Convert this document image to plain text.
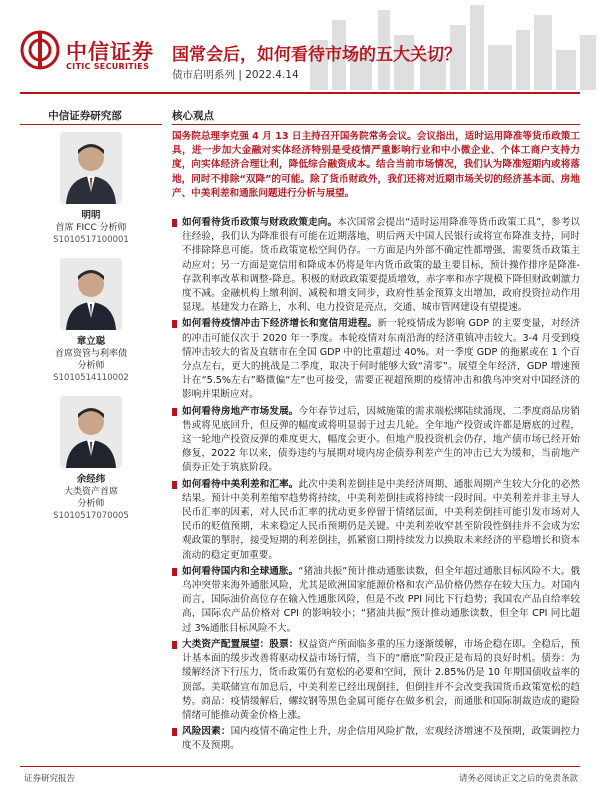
中信证券
CITIC SECURITIES
国常会后，如何看待市场的五大关切？
债市启明系列 | 2022.4.14
中信证券研究部
明明
首席 FICC 分析师
S1010517100001
章立聪
首席资管与利率债
分析师
S1010514110002
余经纬
大类资产首席
分析师
S1010517070005
核心观点
国务院总理李克强 4 月 13 日主持召开国务院常务会议。会议指出，适时运用降准等货币政策工具，进一步加大金融对实体经济特别是受疫情严重影响行业和中小微企业、个体工商户支持力度，向实体经济合理让利，降低综合融资成本。结合当前市场情况，我们认为降准短期内或将落地，同时不排除“双降”的可能。除了货币财政外，我们还将对近期市场关切的经济基本面、房地产、中美利差和通胀问题进行分析与展望。
如何看待货币政策与财政政策走向。本次国常会提出“适时运用降准等货币政策工具”，参考以往经验，我们认为降准很有可能在近期落地，明后两天中国人民银行或将宣布降准支持，同时不排除降息可能。货币政策宽松空间仍存。一方面是内外部不确定性都增强，需要货币政策主动应对；另一方面是宽信用和降成本仍将是年内货币政策的最主要目标，预计操作排序是降准-存款利率改革和调整-降息。积极的财政政策要提质增效，赤字率和赤字规模下降但财政刺激力度不减。金融机构上缴利润、减税和增支同步，政府性基金预算支出增加，政府投资拉动作用显现。基建发力在路上，水利、电力投资是亮点，交通、城市管网建设有望提速。
如何看待疫情冲击下经济增长和宽信用进程。新一轮疫情成为影响 GDP 的主要变量，对经济的冲击可能仅次于 2020 年一季度。本轮疫情对东南沿海的经济重镇冲击较大。3-4 月受到疫情冲击较大的省及直辖市在全国 GDP 中的比重超过 40%。对一季度 GDP 的拖累或在 1 个百分点左右，更大的挑战是二季度，取决于何时能够大致“清零”。展望全年经济，GDP 增速预计在“5.5%左右”略微偏“左”也可接受，需要正视超预期的疫情冲击和俄乌冲突对中国经济的影响并果断应对。
如何看待房地产市场发展。今年春节过后，因城施策的需求端松绑陆续涌现，二季度商品房销售或将见底回升，但反弹的幅度或将明显弱于过去几轮。全年地产投资或许都是磨底的过程，这一轮地产投资反弹的难度更大，幅度会更小。但地产股投资机会仍存，地产债市场已经开始修复，2022 年以来，债券违约与展期对境内房企债券利差产生的冲击已大为缓和，当前地产债券正处于筑底阶段。
如何看待中美利差和汇率。此次中美利差倒挂是中美经济周期、通胀周期产生较大分化的必然结果。预计中美利差缩窄趋势将持续，中美利差倒挂或将持续一段时间。中美利差并非主导人民币汇率的因素，对人民币汇率的扰动更多停留于情绪层面，中美利差倒挂可能引发市场对人民币的贬值预期，未来稳定人民币预期仍是关键。中美利差收窄甚至阶段性倒挂并不会成为宏观政策的掣肘，接受短期的利差倒挂，抓紧窗口期持续发力以换取未来经济的平稳增长和资本流动的稳定更加重要。
如何看待国内和全球通胀。“猪油共振”预计推动通胀读数，但全年超过通胀目标风险不大。俄乌冲突带来海外通胀风险，尤其是欧洲国家能源价格和农产品价格仍然存在较大压力。对国内而言，国际油价高位存在输入性通胀风险，但是不改 PPI 同比下行趋势；我国农产品自给率较高，国际农产品价格对 CPI 的影响较小；“猪油共振”预计推动通胀读数，但全年 CPI 同比超过 3%通胀目标风险不大。
大类资产配置展望：股票：权益资产所面临多重的压力逐渐缓解，市场企稳在即。全稳后，预计基本面的缓步改善将驱动权益市场行情，当下的“磨底”阶段正是布局的良好时机。债券：为缓解经济下行压力，货币政策仍有宽松的必要和空间，预计 2.85%仍是 10 年期国债收益率的顶部。美联储宣布加息后，中美利差已经出现倒挂，但倒挂并不会改变我国货币政策宽松的趋势。商品：疫情缓解后，螺纹钢等黑色金属可能存在做多机会，而通胀和国际制裁造成的避险情绪可能推动黄金价格上涨。
风险因素：国内疫情不确定性上升，房企信用风险扩散，宏观经济增速不及预期，政策调控力度不及预期。
证券研究报告	请务必阅读正文之后的免责条款
